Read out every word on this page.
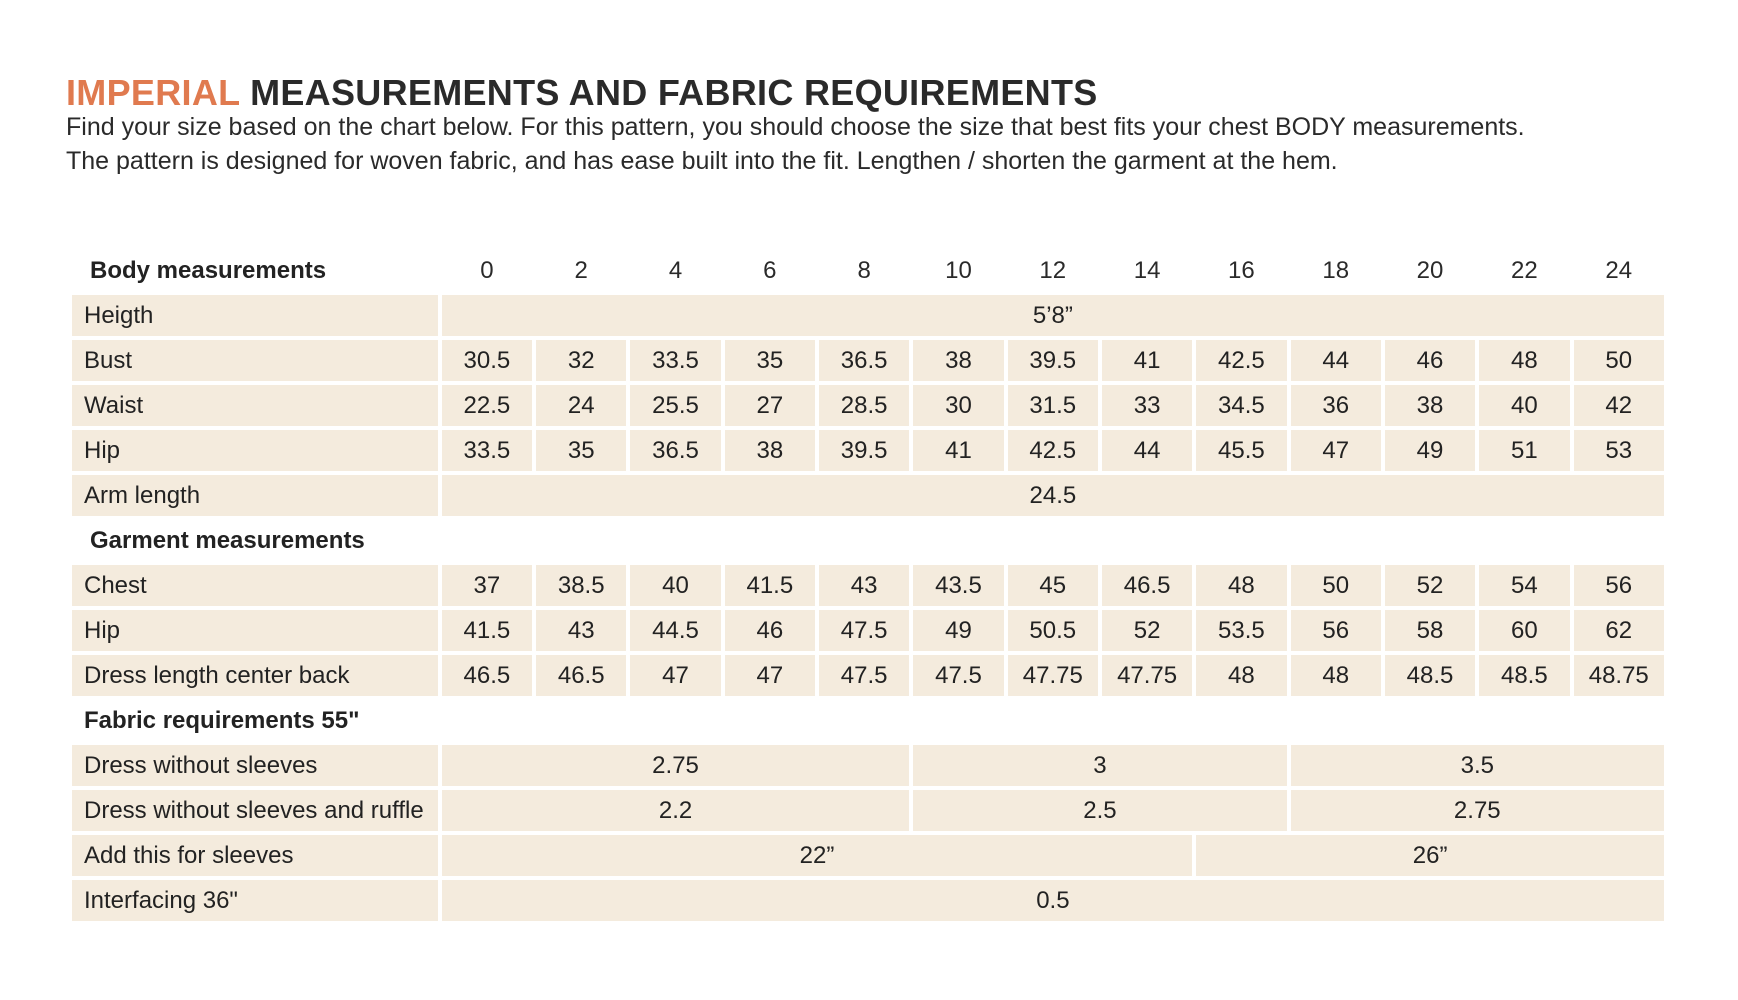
IMPERIAL MEASUREMENTS AND FABRIC REQUIREMENTS

Find your size based on the chart below. For this pattern, you should choose the size that best fits your chest BODY measurements.

The pattern is designed for woven fabric, and has ease built into the fit. Lengthen / shorten the garment at the hem.

Body measurements	0	2	4	6	8	10	12	14	16	18	20	22	24
Heigth	5’8”												
Bust	30.5	32	33.5	35	36.5	38	39.5	41	42.5	44	46	48	50
Waist	22.5	24	25.5	27	28.5	30	31.5	33	34.5	36	38	40	42
Hip	33.5	35	36.5	38	39.5	41	42.5	44	45.5	47	49	51	53
Arm length	24.5												
Garment measurements													
Chest	37	38.5	40	41.5	43	43.5	45	46.5	48	50	52	54	56
Hip	41.5	43	44.5	46	47.5	49	50.5	52	53.5	56	58	60	62
Dress length center back	46.5	46.5	47	47	47.5	47.5	47.75	47.75	48	48	48.5	48.5	48.75
Fabric requirements 55"													
Dress without sleeves	2.75					3				3.5			
Dress without sleeves and ruffle	2.2					2.5				2.75			
Add this for sleeves	22”								26”				
Interfacing 36"	0.5												
